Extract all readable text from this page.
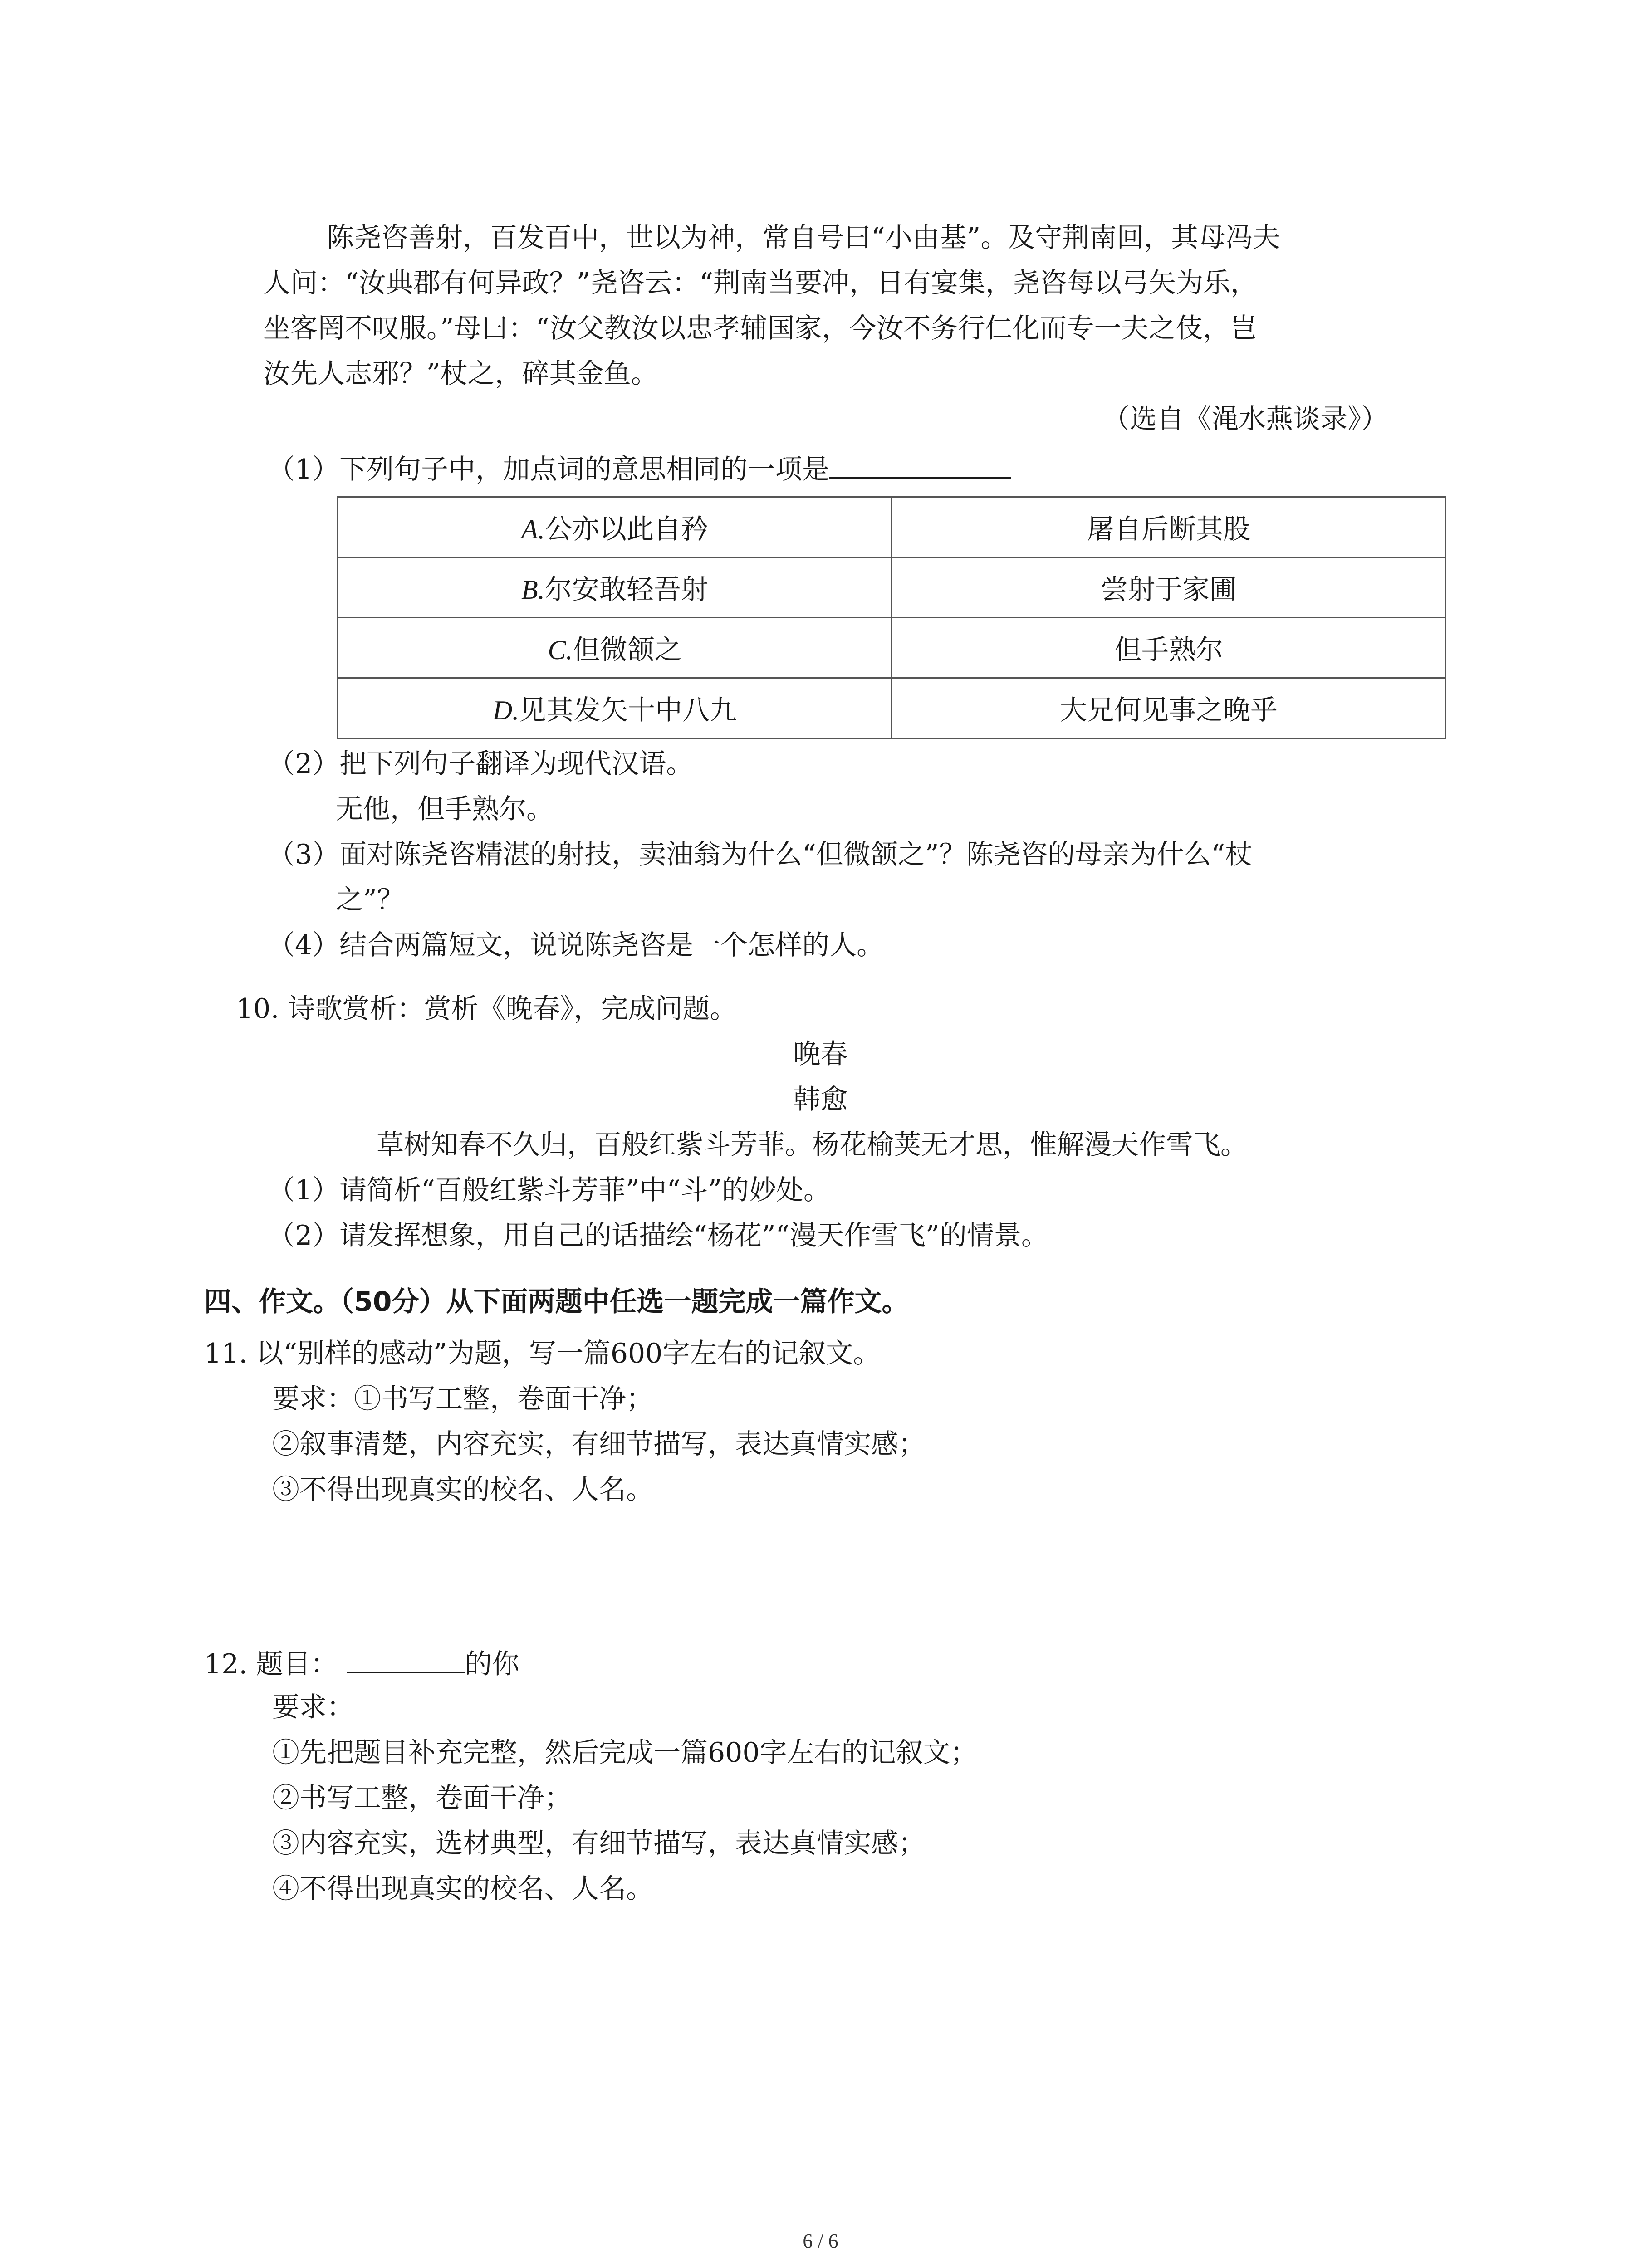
陈尧咨善射，百发百中，世以为神，常自号曰“小由基”。及守荆南回，其母冯夫
人问：“汝典郡有何异政？”尧咨云：“荆南当要冲，日有宴集，尧咨每以弓矢为乐，
坐客罔不叹服。”母曰：“汝父教汝以忠孝辅国家，今汝不务行仁化而专一夫之伎，岂
汝先人志邪？”杖之，碎其金鱼。
（选自《渑水燕谈录》）
（1）下列句子中，加点词的意思相同的一项是
A.公亦以此自矜	屠自后断其股
B.尔安敢轻吾射	尝射于家圃
C.但微颔之	但手熟尔
D.见其发矢十中八九	大兄何见事之晚乎
（2）把下列句子翻译为现代汉语。
无他，但手熟尔。
（3）面对陈尧咨精湛的射技，卖油翁为什么“但微颔之”？陈尧咨的母亲为什么“杖
之”？
（4）结合两篇短文，说说陈尧咨是一个怎样的人。
10. 诗歌赏析：赏析《晚春》，完成问题。
晚春
韩愈
草树知春不久归，百般红紫斗芳菲。杨花榆荚无才思，惟解漫天作雪飞。
（1）请简析“百般红紫斗芳菲”中“斗”的妙处。
（2）请发挥想象，用自己的话描绘“杨花”“漫天作雪飞”的情景。
四、作文。（50分）从下面两题中任选一题完成一篇作文。
11. 以“别样的感动”为题，写一篇600字左右的记叙文。
要求：①书写工整，卷面干净；
②叙事清楚，内容充实，有细节描写，表达真情实感；
③不得出现真实的校名、人名。
12. 题目：	的你
要求：
①先把题目补充完整，然后完成一篇600字左右的记叙文；
②书写工整，卷面干净；
③内容充实，选材典型，有细节描写，表达真情实感；
④不得出现真实的校名、人名。
6 / 6
